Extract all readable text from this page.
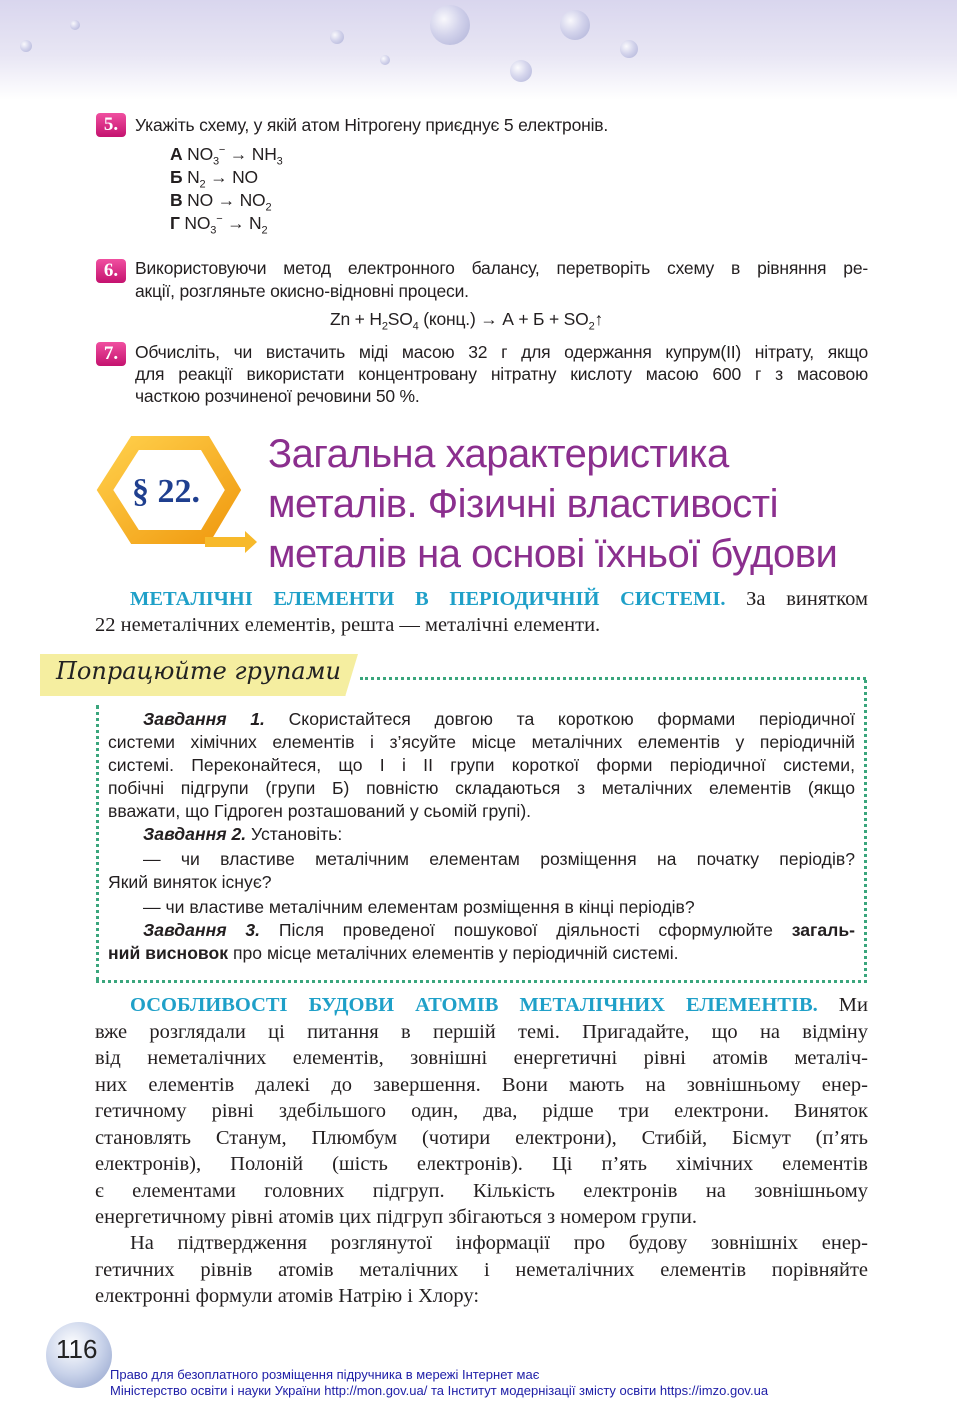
5. Укажіть схему, у якій атом Нітрогену приєднує 5 електронів.
А $NO_3^- \to NH_3$
Б $N_2$ → NO
В NO → $NO_2$
Г $NO_3^- \to N_2$
6. Використовуючи метод електронного балансу, перетворіть схему в рівняння ре-
акції, розгляньте окисно-відновні процеси.
$Zn + H_2SO_4$ (конц.) → $А + Б + SO_2↑$
7. Обчисліть, чи вистачить міді масою 32 г для одержання купрум(ІІ) нітрату, якщо
для реакції використати концентровану нітратну кислоту масою 600 г з масовою
часткою розчиненої речовини 50 %.
§ 22.
Загальна характеристика
металів. Фізичні властивості
металів на основі їхньої будови
МЕТАЛІЧНІ ЕЛЕМЕНТИ В ПЕРІОДИЧНІЙ СИСТЕМІ. За винятком
22 неметалічних елементів, решта — металічні елементи.
Попрацюйте групами
Завдання 1. Скористайтеся довгою та короткою формами періодичної
системи хімічних елементів і з’ясуйте місце металічних елементів у періодичній
системі. Переконайтеся, що І і ІІ групи короткої форми періодичної системи,
побічні підгрупи (групи Б) повністю складаються з металічних елементів (якщо
вважати, що Гідроген розташований у сьомій групі).
Завдання 2. Установіть:
— чи властиве металічним елементам розміщення на початку періодів?
Який виняток існує?
— чи властиве металічним елементам розміщення в кінці періодів?
Завдання 3. Після проведеної пошукової діяльності сформулюйте загаль-
ний висновок про місце металічних елементів у періодичній системі.
ОСОБЛИВОСТІ БУДОВИ АТОМІВ МЕТАЛІЧНИХ ЕЛЕМЕНТІВ. Ми
вже розглядали ці питання в першій темі. Пригадайте, що на відміну
від неметалічних елементів, зовнішні енергетичні рівні атомів металіч-
них елементів далекі до завершення. Вони мають на зовнішньому енер-
гетичному рівні здебільшого один, два, рідше три електрони. Виняток
становлять Станум, Плюмбум (чотири електрони), Стибій, Бісмут (п’ять
електронів), Полоній (шість електронів). Ці п’ять хімічних елементів
є елементами головних підгруп. Кількість електронів на зовнішньому
енергетичному рівні атомів цих підгруп збігаються з номером групи.
На підтвердження розглянутої інформації про будову зовнішніх енер-
гетичних рівнів атомів металічних і неметалічних елементів порівняйте
електронні формули атомів Натрію і Хлору:
116
Право для безоплатного розміщення підручника в мережі Інтернет має
Міністерство освіти і науки України http://mon.gov.ua/ та Інститут модернізації змісту освіти https://imzo.gov.ua
